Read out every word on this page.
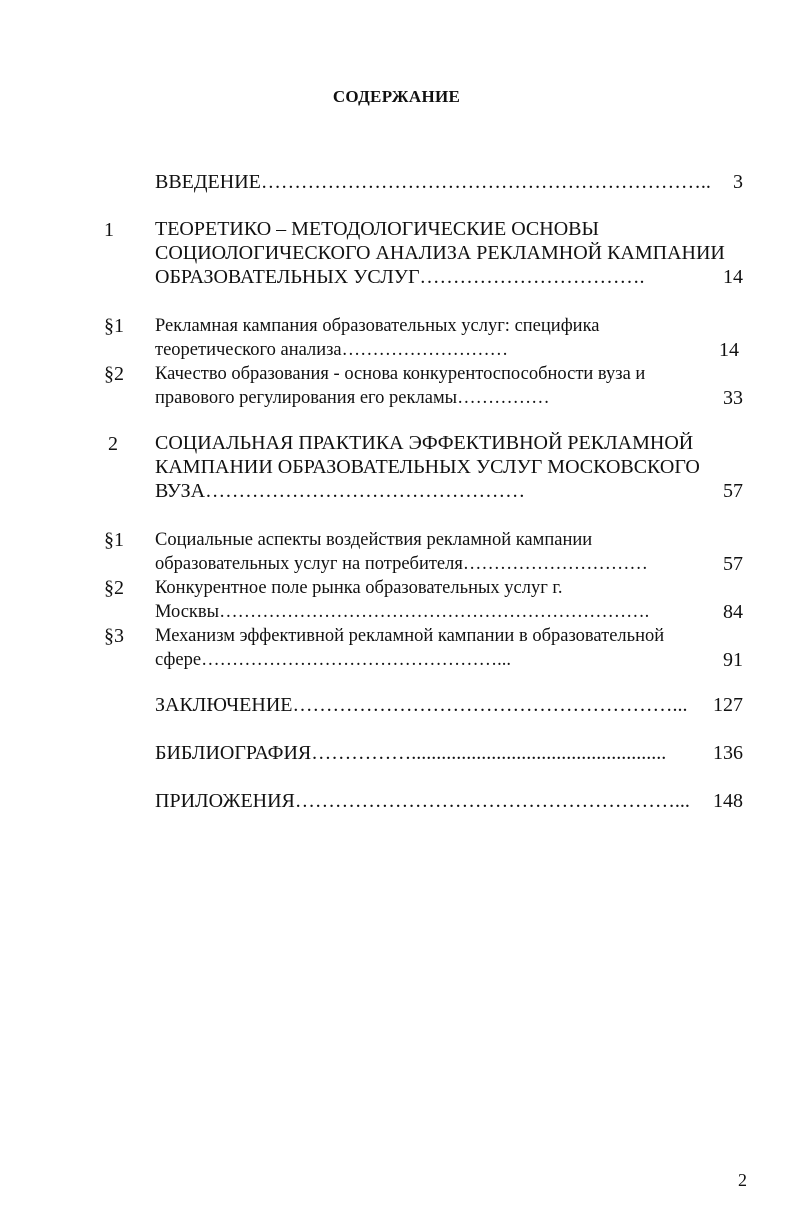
СОДЕРЖАНИЕ
ВВЕДЕНИЕ………………………………………………………….. 3
1 ТЕОРЕТИКО – МЕТОДОЛОГИЧЕСКИЕ ОСНОВЫ
СОЦИОЛОГИЧЕСКОГО АНАЛИЗА РЕКЛАМНОЙ КАМПАНИИ
ОБРАЗОВАТЕЛЬНЫХ УСЛУГ…………………………….	14
§1 Рекламная кампания образовательных услуг: специфика
теоретического анализа………………………	14
§2 Качество образования - основа конкурентоспособности вуза и
правового регулирования его рекламы……………	33
2 СОЦИАЛЬНАЯ ПРАКТИКА ЭФФЕКТИВНОЙ РЕКЛАМНОЙ
КАМПАНИИ ОБРАЗОВАТЕЛЬНЫХ УСЛУГ МОСКОВСКОГО
ВУЗА…………………………………………	57
§1 Социальные аспекты воздействия рекламной кампании
образовательных услуг на потребителя…………………………	57
§2 Конкурентное поле рынка образовательных услуг г.
Москвы…………………………………………………………….	84
§3 Механизм эффективной рекламной кампании в образовательной
сфере…………………………………………...	91
ЗАКЛЮЧЕНИЕ…………………………………………………... 127
БИБЛИОГРАФИЯ……………................................................... 136
ПРИЛОЖЕНИЯ…………………………………………………... 148
2
